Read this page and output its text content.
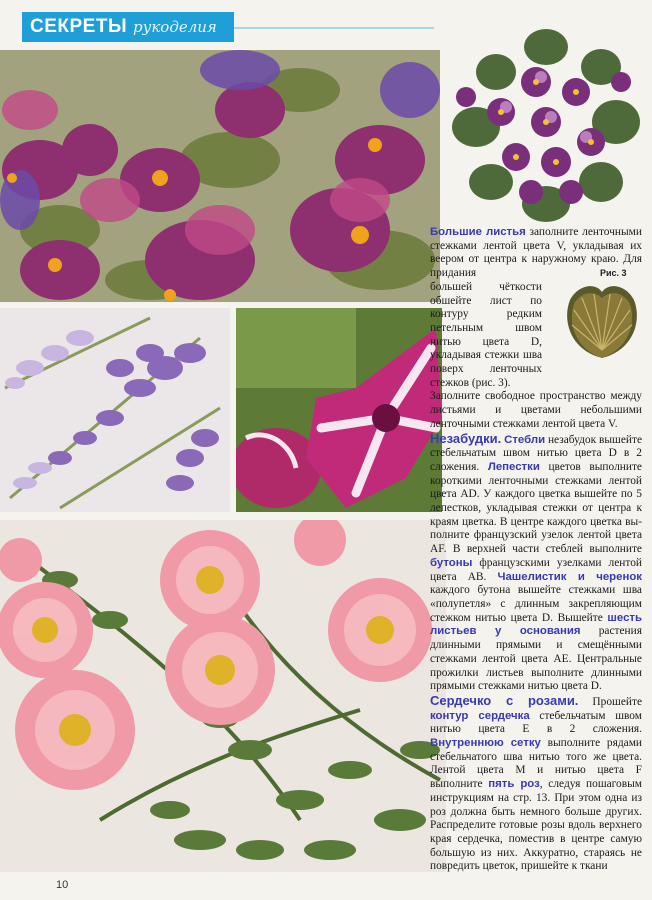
СЕКРЕТЫ рукоделия
Рис. 3

Большие листья заполните ленточными стежками лентой цвета V, укладывая их веером от центра к наружному краю. Для придания

большей чёткости обшейте лист по контуру редким петельным швом нитью цвета D, укладывая стежки шва поверх ленточных стежков (рис. 3).

Заполните свободное пространство между листьями и цветами небольшими ленточными стежками лентой цвета V.

Незабудки. Стебли незабудок вышейте стебельчатым швом нитью цвета D в 2 сложения. Лепестки цветов выполните короткими ленточными стежками лентой цвета AD. У каждого цветка вышейте по 5 лепестков, укладывая стежки от центра к краям цветка. В центре каждого цветка выполните французский узелок лентой цвета AF. В верхней части стеблей выполните бутоны французскими узелками лентой цвета AB. Чашелистик и черенок каждого бутона вышейте стежками шва «полупетля» с длинным закрепляющим стежком нитью цвета D. Вышейте шесть листьев у основания растения длинными прямыми и смещёнными стежками лентой цвета AE. Центральные прожилки листьев выполните длинными прямыми стежками нитью цвета D.

Сердечко с розами. Прошейте контур сердечка стебельчатым швом нитью цвета E в 2 сложения. Внутреннюю сетку выполните рядами стебельчатого шва нитью того же цвета. Лентой цвета M и нитью цвета F выполните пять роз, следуя пошаговым инструкциям на стр. 13. При этом одна из роз должна быть немного больше других. Распределите готовые розы вдоль верхнего края сердечка, поместив в центре самую большую из них. Аккуратно, стараясь не повредить цветок, пришейте к ткани

10
